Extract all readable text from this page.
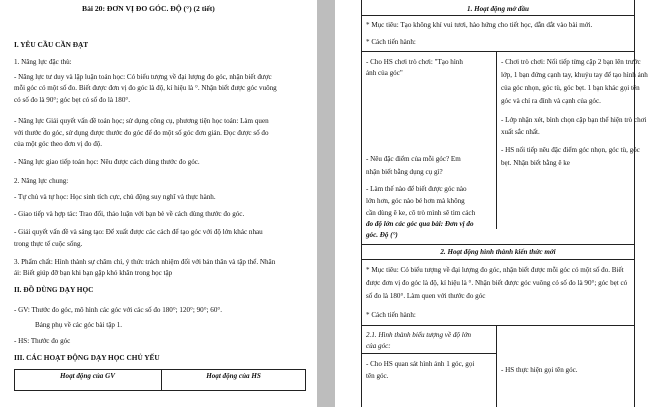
Bài 20: ĐƠN VỊ ĐO GÓC. ĐỘ (°) (2 tiết)
I. YÊU CẦU CẦN ĐẠT
1. Năng lực đặc thù:
- Năng lực tư duy và lập luận toán học: Có biểu tượng về đại lượng đo góc, nhận biết được
mỗi góc có một số đo. Biết được đơn vị đo góc là độ, kí hiệu là °. Nhận biết được góc vuông
có số đo là 90°; góc bẹt có số đo là 180°.
- Năng lực Giải quyết vấn đề toán học; sử dụng công cụ, phương tiện học toán: Làm quen
với thước đo góc, sử dụng được thước đo góc để đo một số góc đơn giản. Đọc được số đo
của một góc theo đơn vị đo độ.
- Năng lực giao tiếp toán học: Nêu được cách dùng thước đo góc.
2. Năng lực chung:
- Tự chủ và tự học: Học sinh tích cực, chủ động suy nghĩ và thực hành.
- Giao tiếp và hợp tác: Trao đổi, thảo luận với bạn bè về cách dùng thước đo góc.
- Giải quyết vấn đề và sáng tạo: Để xuất được các cách để tạo góc với độ lớn khác nhau
trong thực tế cuộc sống.
3. Phẩm chất: Hình thành sự chăm chỉ, ý thức trách nhiệm đối với bản thân và tập thể. Nhân
ái: Biết giúp đỡ bạn khi bạn gặp khó khăn trong học tập
II. ĐỒ DÙNG DẠY HỌC
- GV: Thước đo góc, mô hình các góc với các số đo 180°; 120°; 90°; 60°.
Bảng phụ về các góc bài tập 1.
- HS: Thước đo góc
III. CÁC HOẠT ĐỘNG DẠY HỌC CHỦ YẾU
Hoạt động của GV	Hoạt động của HS
1. Hoạt động mở đầu
* Mục tiêu: Tạo không khí vui tươi, hào hứng cho tiết học, dẫn dắt vào bài mới.
* Cách tiến hành:
- Cho HS chơi trò chơi: "Tạo hình
ảnh của góc"
- Chơi trò chơi: Nối tiếp từng cặp 2 bạn lên trước
lớp, 1 bạn đứng cạnh tay, khuỷu tay để tạo hình ảnh
của góc nhọn, góc tù, góc bẹt. 1 bạn khác gọi tên
góc và chỉ ra đỉnh và cạnh của góc.
- Lớp nhận xét, bình chọn cặp bạn thể hiện trò chơi
xuất sắc nhất.
- HS nối tiếp nêu đặc điểm góc nhọn, góc tù, góc
bẹt. Nhận biết bằng ê ke
- Nêu đặc điểm của mỗi góc? Em
nhận biết bằng dụng cụ gì?
- Làm thế nào để biết được góc nào
lớn hơn, góc nào bé hơn mà không
cần dùng ê ke, cô trò mình sẽ tìm cách
đo độ lớn các góc qua bài: Đơn vị đo
góc. Độ (°)
2. Hoạt động hình thành kiến thức mới
* Mục tiêu: Có biểu tượng về đại lượng đo góc, nhận biết được mỗi góc có một số đo. Biết
được đơn vị đo góc là độ, kí hiệu là °. Nhận biết được góc vuông có số đo là 90°; góc bẹt có
số đo là 180°. Làm quen với thước đo góc
* Cách tiến hành:
2.1. Hình thành biểu tượng về độ lớn
của góc:
- Cho HS quan sát hình ảnh 1 góc, gọi
tên góc.
- HS thực hiện gọi tên góc.
